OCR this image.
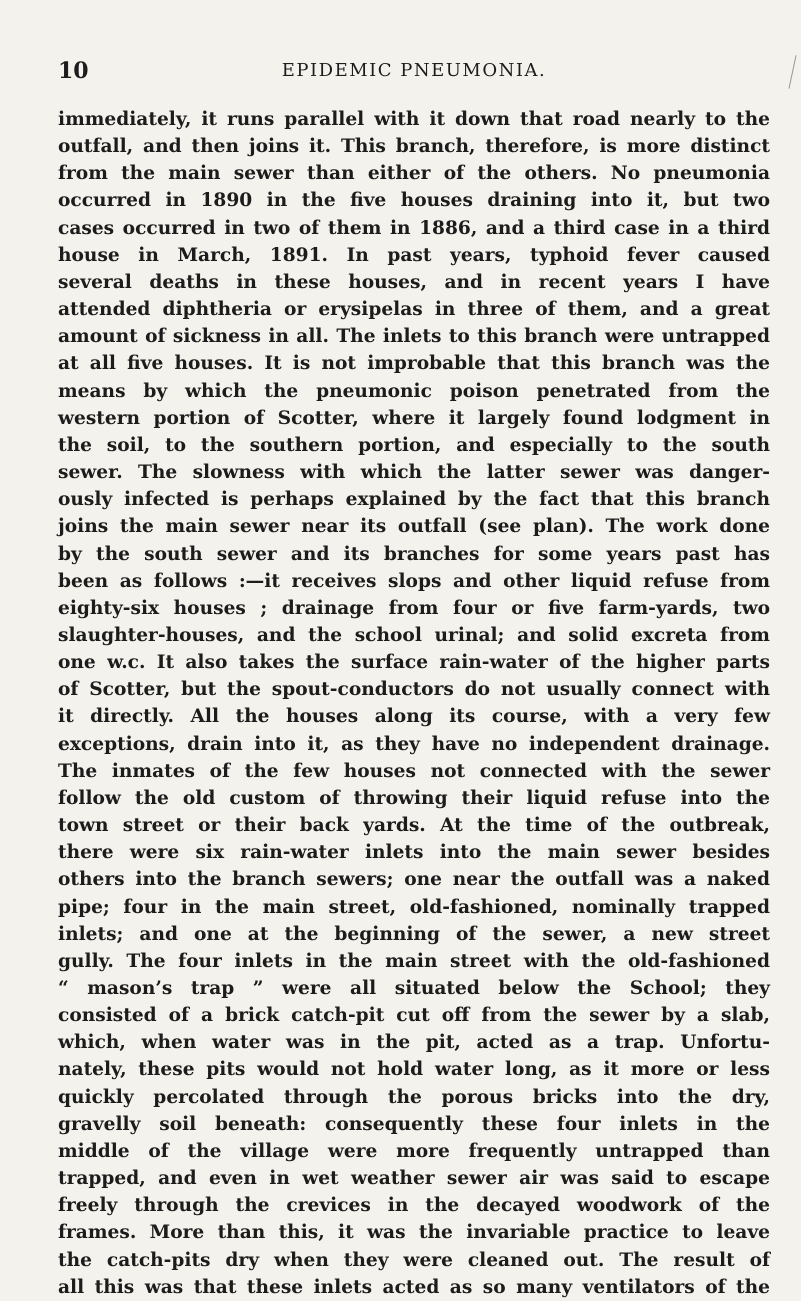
10	EPIDEMIC PNEUMONIA.
immediately, it runs parallel with it down that road nearly to the
outfall, and then joins it. This branch, therefore, is more distinct
from the main sewer than either of the others. No pneumonia
occurred in 1890 in the five houses draining into it, but two
cases occurred in two of them in 1886, and a third case in a third
house in March, 1891. In past years, typhoid fever caused
several deaths in these houses, and in recent years I have
attended diphtheria or erysipelas in three of them, and a great
amount of sickness in all. The inlets to this branch were untrapped
at all five houses. It is not improbable that this branch was the
means by which the pneumonic poison penetrated from the
western portion of Scotter, where it largely found lodgment in
the soil, to the southern portion, and especially to the south
sewer. The slowness with which the latter sewer was danger-
ously infected is perhaps explained by the fact that this branch
joins the main sewer near its outfall (see plan). The work done
by the south sewer and its branches for some years past has
been as follows :—it receives slops and other liquid refuse from
eighty-six houses ; drainage from four or five farm-yards, two
slaughter-houses, and the school urinal; and solid excreta from
one w.c. It also takes the surface rain-water of the higher parts
of Scotter, but the spout-conductors do not usually connect with
it directly. All the houses along its course, with a very few
exceptions, drain into it, as they have no independent drainage.
The inmates of the few houses not connected with the sewer
follow the old custom of throwing their liquid refuse into the
town street or their back yards. At the time of the outbreak,
there were six rain-water inlets into the main sewer besides
others into the branch sewers; one near the outfall was a naked
pipe; four in the main street, old-fashioned, nominally trapped
inlets; and one at the beginning of the sewer, a new street
gully. The four inlets in the main street with the old-fashioned
“ mason’s trap ” were all situated below the School; they
consisted of a brick catch-pit cut off from the sewer by a slab,
which, when water was in the pit, acted as a trap. Unfortu-
nately, these pits would not hold water long, as it more or less
quickly percolated through the porous bricks into the dry,
gravelly soil beneath: consequently these four inlets in the
middle of the village were more frequently untrapped than
trapped, and even in wet weather sewer air was said to escape
freely through the crevices in the decayed woodwork of the
frames. More than this, it was the invariable practice to leave
the catch-pits dry when they were cleaned out. The result of
all this was that these inlets acted as so many ventilators of the
